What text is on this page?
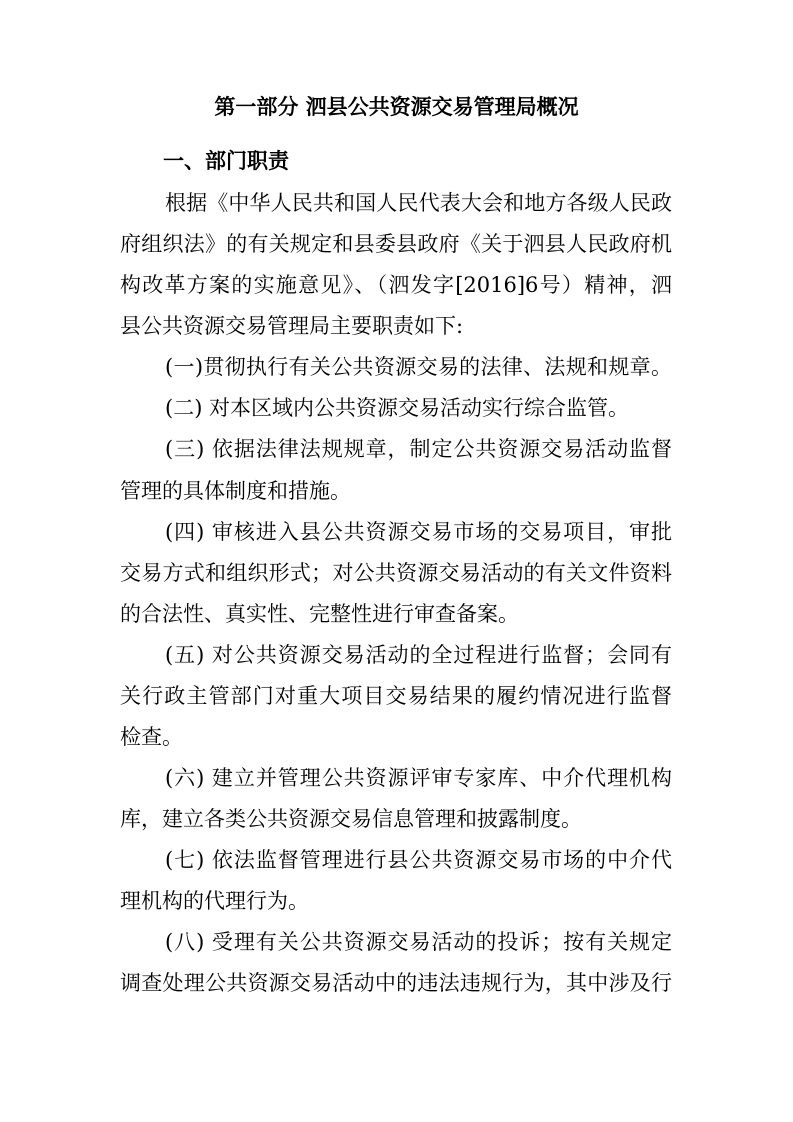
第一部分 泗县公共资源交易管理局概况
一、部门职责
根据《中华人民共和国人民代表大会和地方各级人民政
府组织法》的有关规定和县委县政府《关于泗县人民政府机
构改革方案的实施意见》、（泗发字[2016]6号）精神，泗
县公共资源交易管理局主要职责如下:
(一)贯彻执行有关公共资源交易的法律、法规和规章。
(二) 对本区域内公共资源交易活动实行综合监管。
(三) 依据法律法规规章，制定公共资源交易活动监督
管理的具体制度和措施。
(四) 审核进入县公共资源交易市场的交易项目，审批
交易方式和组织形式；对公共资源交易活动的有关文件资料
的合法性、真实性、完整性进行审查备案。
(五) 对公共资源交易活动的全过程进行监督；会同有
关行政主管部门对重大项目交易结果的履约情况进行监督
检查。
(六) 建立并管理公共资源评审专家库、中介代理机构
库，建立各类公共资源交易信息管理和披露制度。
(七) 依法监督管理进行县公共资源交易市场的中介代
理机构的代理行为。
(八) 受理有关公共资源交易活动的投诉；按有关规定
调查处理公共资源交易活动中的违法违规行为，其中涉及行
